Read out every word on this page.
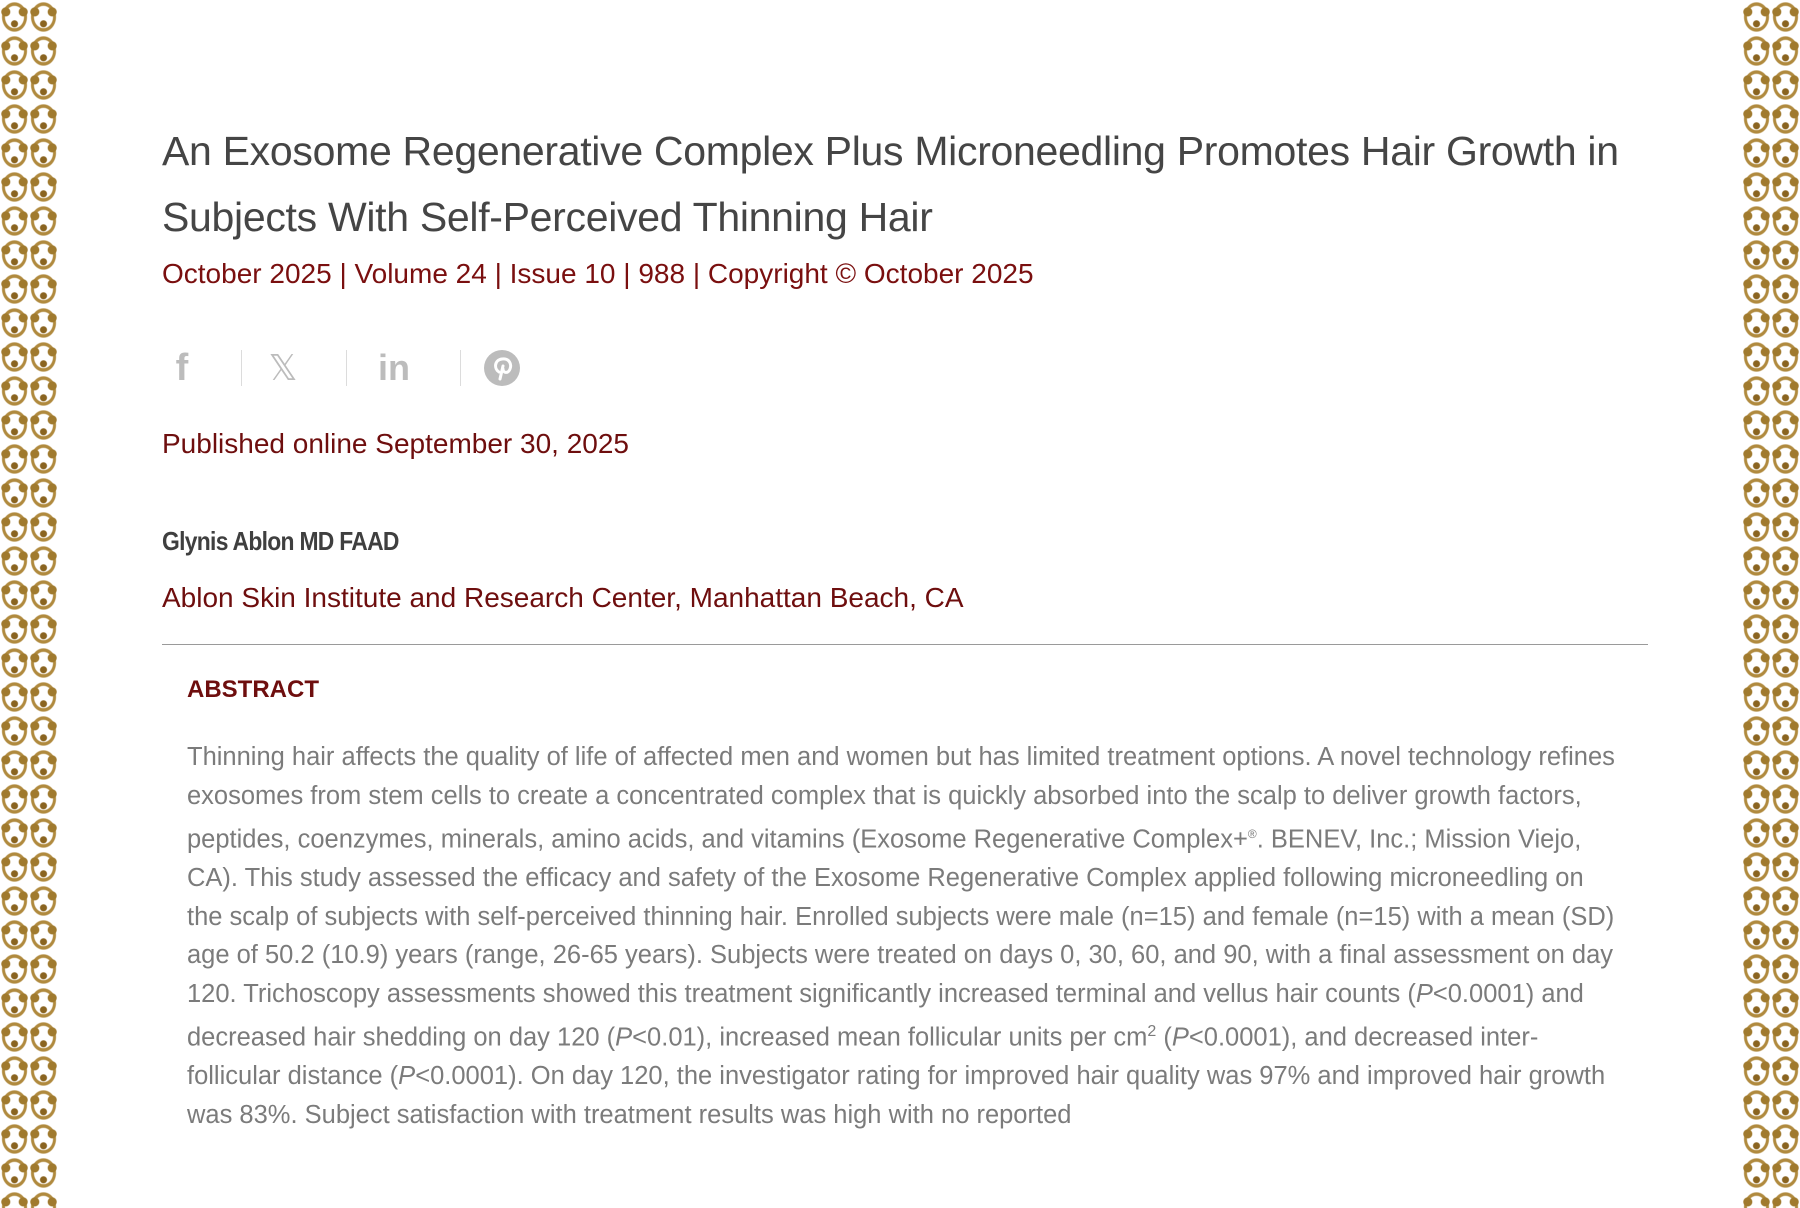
An Exosome Regenerative Complex Plus Microneedling Promotes Hair Growth in Subjects With Self-Perceived Thinning Hair
October 2025 | Volume 24 | Issue 10 | 988 | Copyright © October 2025
f 𝕏 in
Published online September 30, 2025
Glynis Ablon MD FAAD
Ablon Skin Institute and Research Center, Manhattan Beach, CA
ABSTRACT

Thinning hair affects the quality of life of affected men and women but has limited treatment options. A novel technology refines exosomes from stem cells to create a concentrated complex that is quickly absorbed into the scalp to deliver growth factors, peptides, coenzymes, minerals, amino acids, and vitamins (Exosome Regenerative Complex+®. BENEV, Inc.; Mission Viejo, CA). This study assessed the efficacy and safety of the Exosome Regenerative Complex applied following microneedling on the scalp of subjects with self-perceived thinning hair. Enrolled subjects were male (n=15) and female (n=15) with a mean (SD) age of 50.2 (10.9) years (range, 26-65 years). Subjects were treated on days 0, 30, 60, and 90, with a final assessment on day 120. Trichoscopy assessments showed this treatment significantly increased terminal and vellus hair counts (P<0.0001) and decreased hair shedding on day 120 (P<0.01), increased mean follicular units per $cm^2$ (P<0.0001), and decreased inter-follicular distance (P<0.0001). On day 120, the investigator rating for improved hair quality was 97% and improved hair growth was 83%. Subject satisfaction with treatment results was high with no reported
